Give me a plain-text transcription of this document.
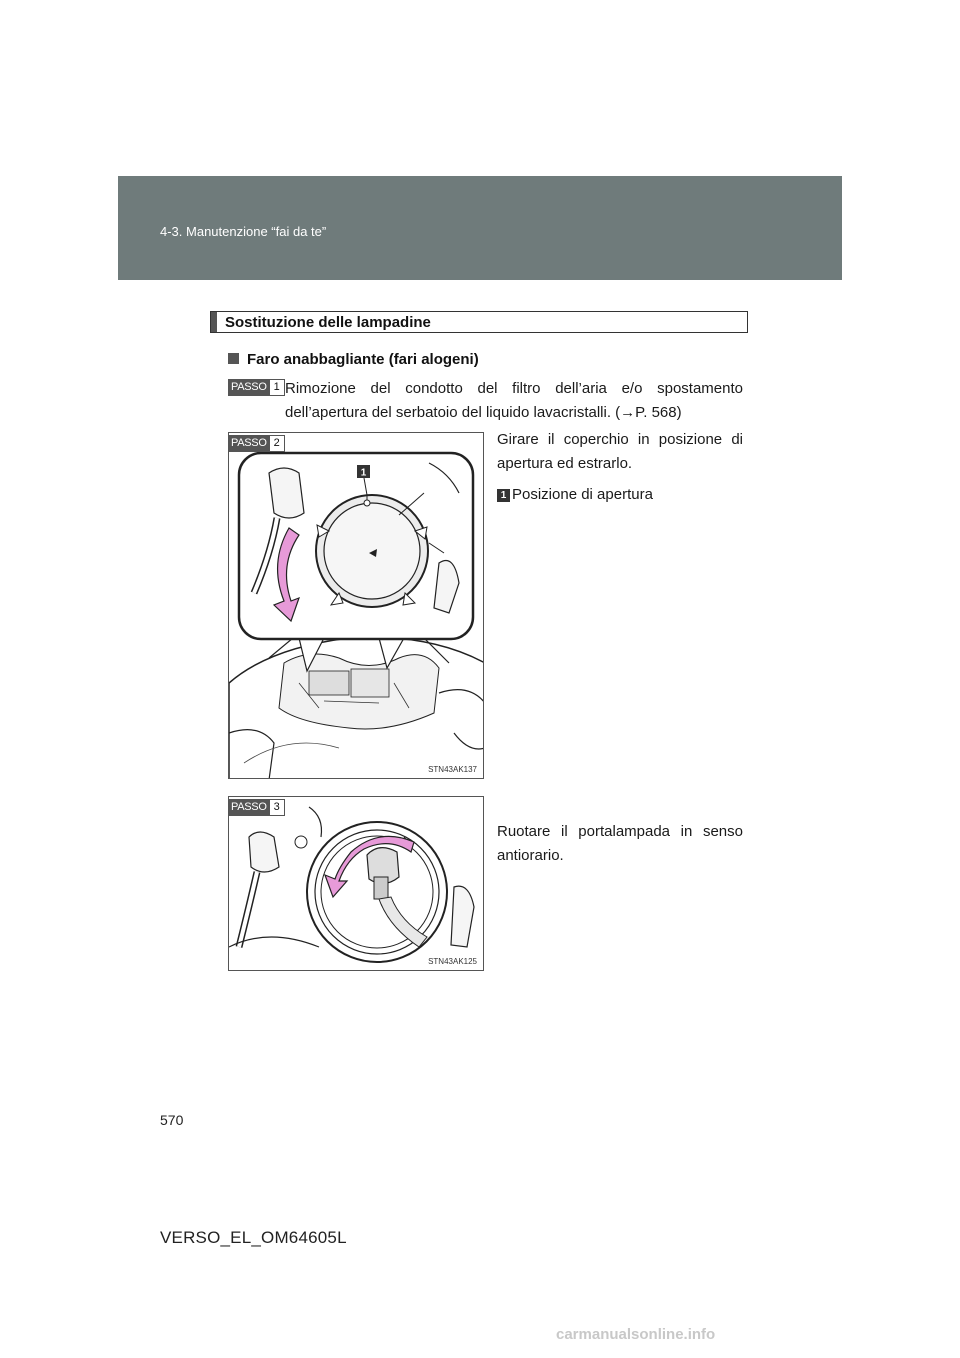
4-3. Manutenzione “fai da te”
Sostituzione delle lampadine
Faro anabbagliante (fari alogeni)
PASSO 1 Rimozione del condotto del filtro dell’aria e/o spostamento dell’apertura del serbatoio del liquido lavacristalli. (→P. 568)
PASSO 2
1
STN43AK137
Girare il coperchio in posizione di apertura ed estrarlo.
1 Posizione di apertura
PASSO 3
STN43AK125
Ruotare il portalampada in senso antiorario.
570
VERSO_EL_OM64605L
carmanualsonline.info
